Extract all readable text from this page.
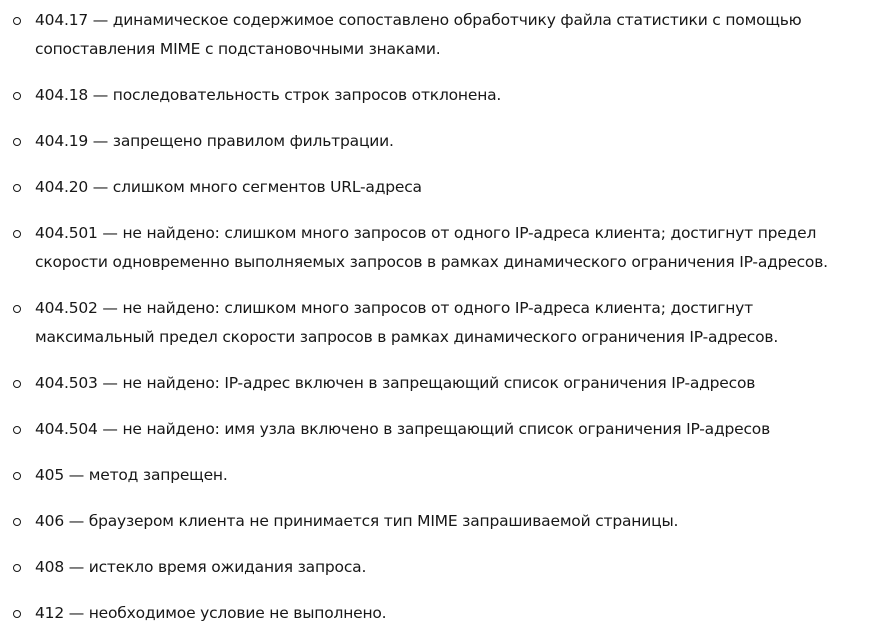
404.17 — динамическое содержимое сопоставлено обработчику файла статистики с помощью сопоставления MIME с подстановочными знаками.
404.18 — последовательность строк запросов отклонена.
404.19 — запрещено правилом фильтрации.
404.20 — слишком много сегментов URL-адреса
404.501 — не найдено: слишком много запросов от одного IP-адреса клиента; достигнут предел скорости одновременно выполняемых запросов в рамках динамического ограничения IP-адресов.
404.502 — не найдено: слишком много запросов от одного IP-адреса клиента; достигнут максимальный предел скорости запросов в рамках динамического ограничения IP-адресов.
404.503 — не найдено: IP-адрес включен в запрещающий список ограничения IP-адресов
404.504 — не найдено: имя узла включено в запрещающий список ограничения IP-адресов
405 — метод запрещен.
406 — браузером клиента не принимается тип MIME запрашиваемой страницы.
408 — истекло время ожидания запроса.
412 — необходимое условие не выполнено.
